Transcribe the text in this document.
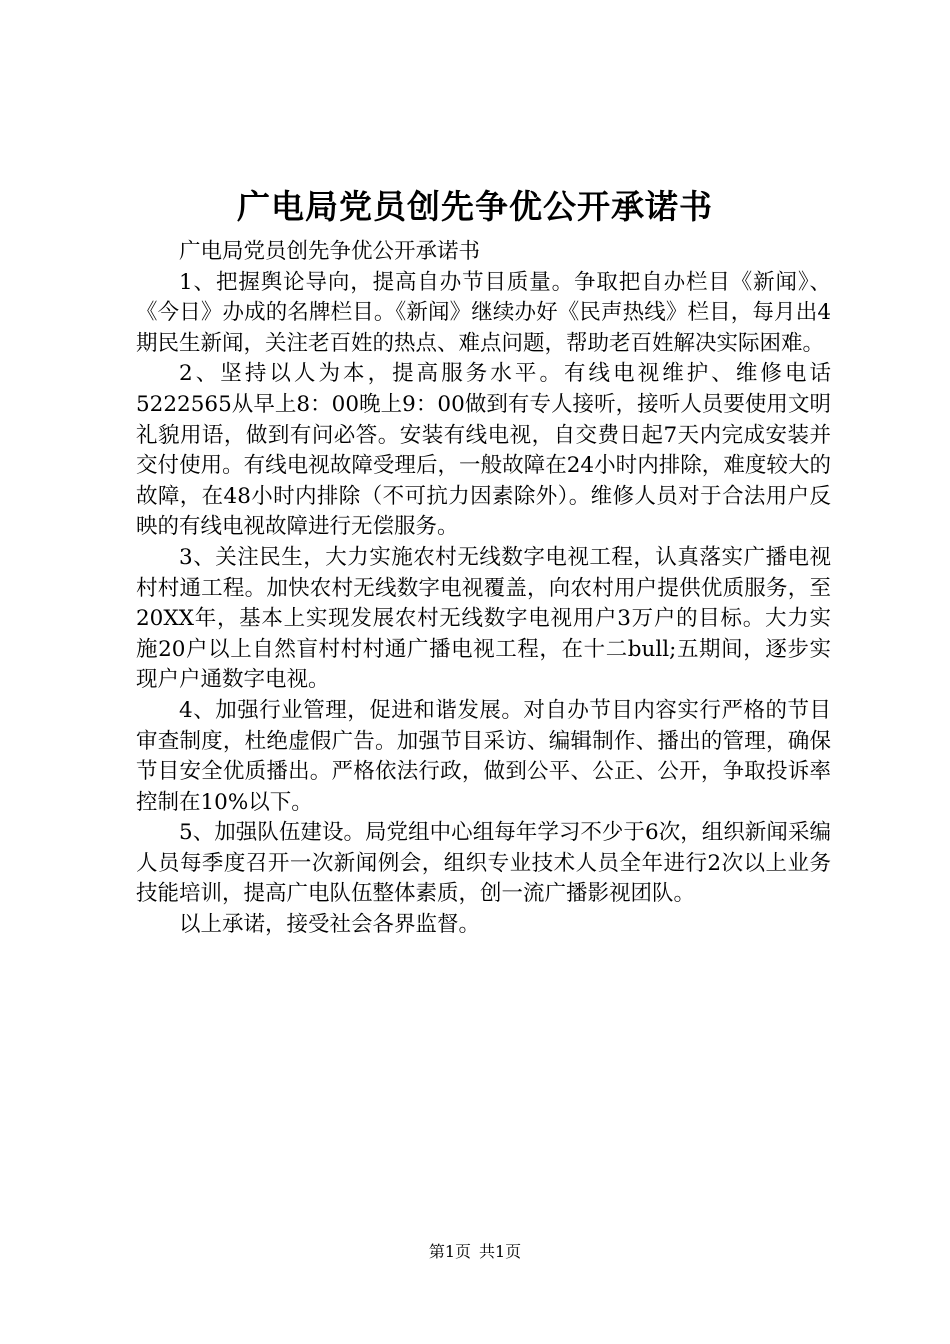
广电局党员创先争优公开承诺书

广电局党员创先争优公开承诺书

1、把握舆论导向，提高自办节目质量。争取把自办栏目《新闻》、《今日》办成的名牌栏目。《新闻》继续办好《民声热线》栏目，每月出4期民生新闻，关注老百姓的热点、难点问题，帮助老百姓解决实际困难。

2、坚持以人为本，提高服务水平。有线电视维护、维修电话5222565从早上8：00晚上9：00做到有专人接听，接听人员要使用文明礼貌用语，做到有问必答。安装有线电视，自交费日起7天内完成安装并交付使用。有线电视故障受理后，一般故障在24小时内排除，难度较大的故障，在48小时内排除（不可抗力因素除外）。维修人员对于合法用户反映的有线电视故障进行无偿服务。

3、关注民生，大力实施农村无线数字电视工程，认真落实广播电视村村通工程。加快农村无线数字电视覆盖，向农村用户提供优质服务，至20XX年，基本上实现发展农村无线数字电视用户3万户的目标。大力实施20户以上自然盲村村村通广播电视工程，在十二bull;五期间，逐步实现户户通数字电视。

4、加强行业管理，促进和谐发展。对自办节目内容实行严格的节目审查制度，杜绝虚假广告。加强节目采访、编辑制作、播出的管理，确保节目安全优质播出。严格依法行政，做到公平、公正、公开，争取投诉率控制在10%以下。

5、加强队伍建设。局党组中心组每年学习不少于6次，组织新闻采编人员每季度召开一次新闻例会，组织专业技术人员全年进行2次以上业务技能培训，提高广电队伍整体素质，创一流广播影视团队。

以上承诺，接受社会各界监督。

第1页 共1页
